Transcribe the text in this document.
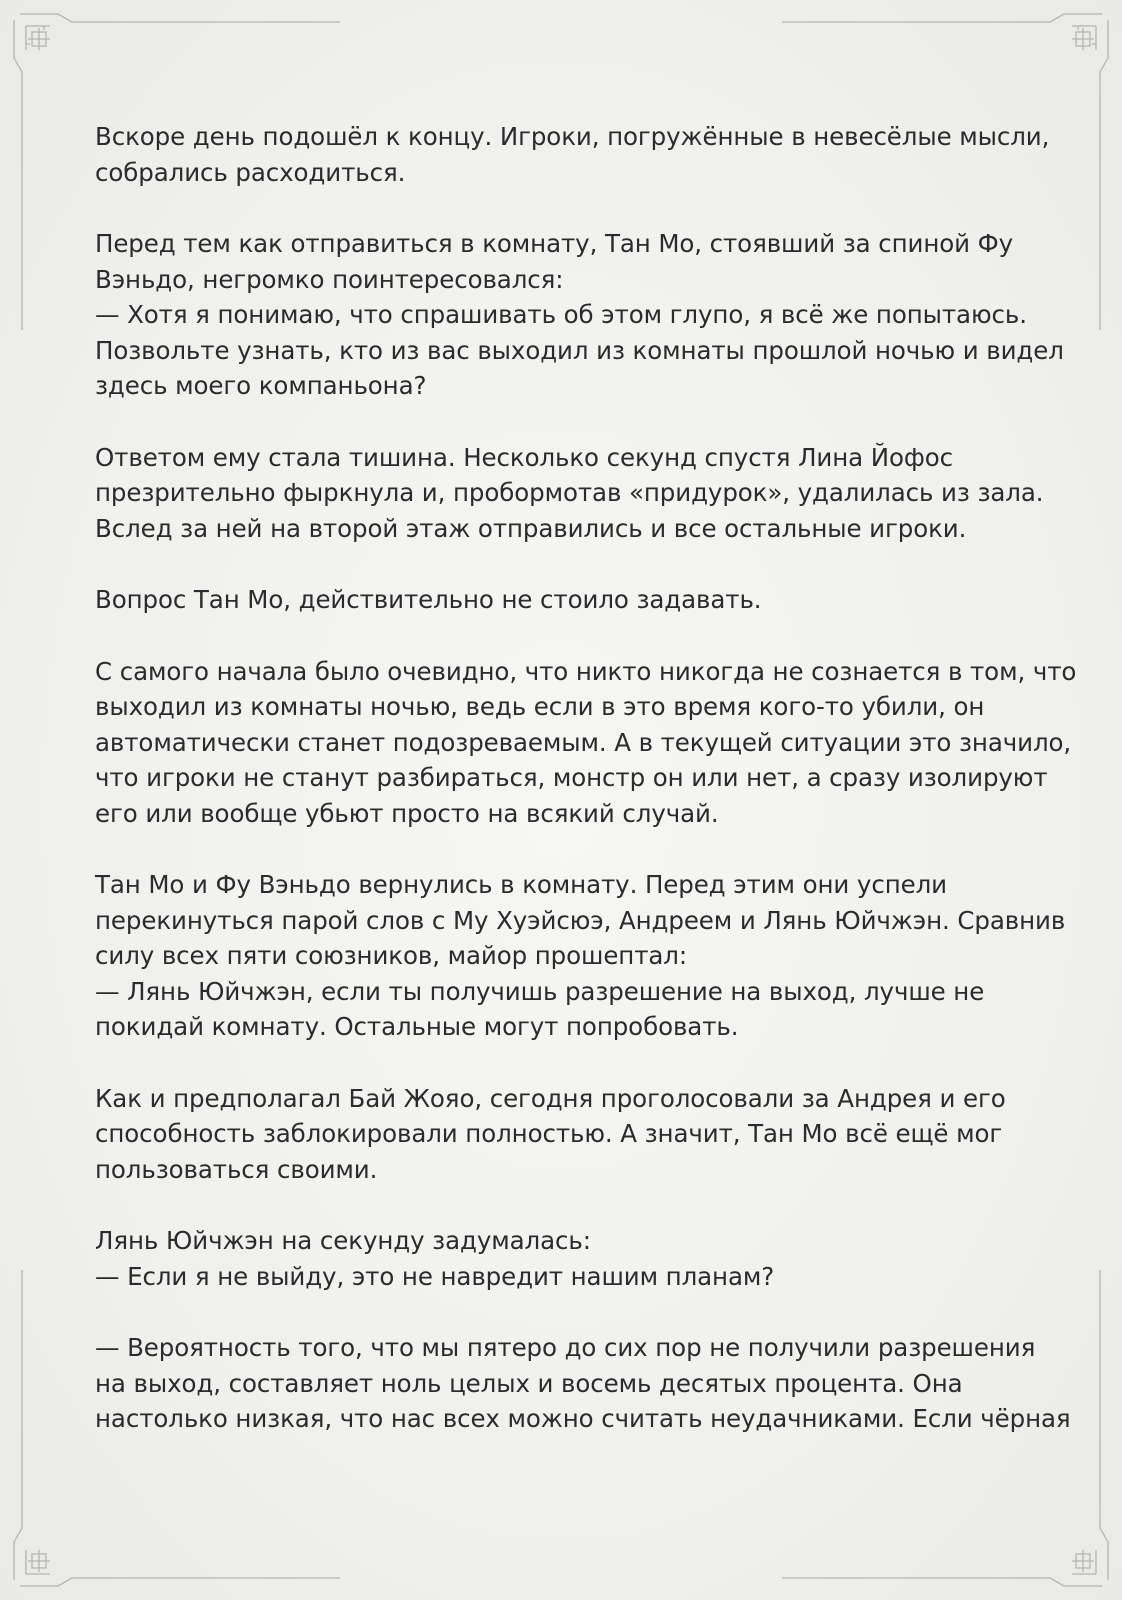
Вскоре день подошёл к концу. Игроки, погружённые в невесёлые мысли,
собрались расходиться.

Перед тем как отправиться в комнату, Тан Мо, стоявший за спиной Фу
Вэньдо, негромко поинтересовался:
— Хотя я понимаю, что спрашивать об этом глупо, я всё же попытаюсь.
Позвольте узнать, кто из вас выходил из комнаты прошлой ночью и видел
здесь моего компаньона?

Ответом ему стала тишина. Несколько секунд спустя Лина Йофос
презрительно фыркнула и, пробормотав «придурок», удалилась из зала.
Вслед за ней на второй этаж отправились и все остальные игроки.

Вопрос Тан Мо, действительно не стоило задавать.

С самого начала было очевидно, что никто никогда не сознается в том, что
выходил из комнаты ночью, ведь если в это время кого-то убили, он
автоматически станет подозреваемым. А в текущей ситуации это значило,
что игроки не станут разбираться, монстр он или нет, а сразу изолируют
его или вообще убьют просто на всякий случай.

Тан Мо и Фу Вэньдо вернулись в комнату. Перед этим они успели
перекинуться парой слов с Му Хуэйсюэ, Андреем и Лянь Юйчжэн. Сравнив
силу всех пяти союзников, майор прошептал:
— Лянь Юйчжэн, если ты получишь разрешение на выход, лучше не
покидай комнату. Остальные могут попробовать.

Как и предполагал Бай Жояо, сегодня проголосовали за Андрея и его
способность заблокировали полностью. А значит, Тан Мо всё ещё мог
пользоваться своими.

Лянь Юйчжэн на секунду задумалась:
— Если я не выйду, это не навредит нашим планам?

— Вероятность того, что мы пятеро до сих пор не получили разрешения
на выход, составляет ноль целых и восемь десятых процента. Она
настолько низкая, что нас всех можно считать неудачниками. Если чёрная
